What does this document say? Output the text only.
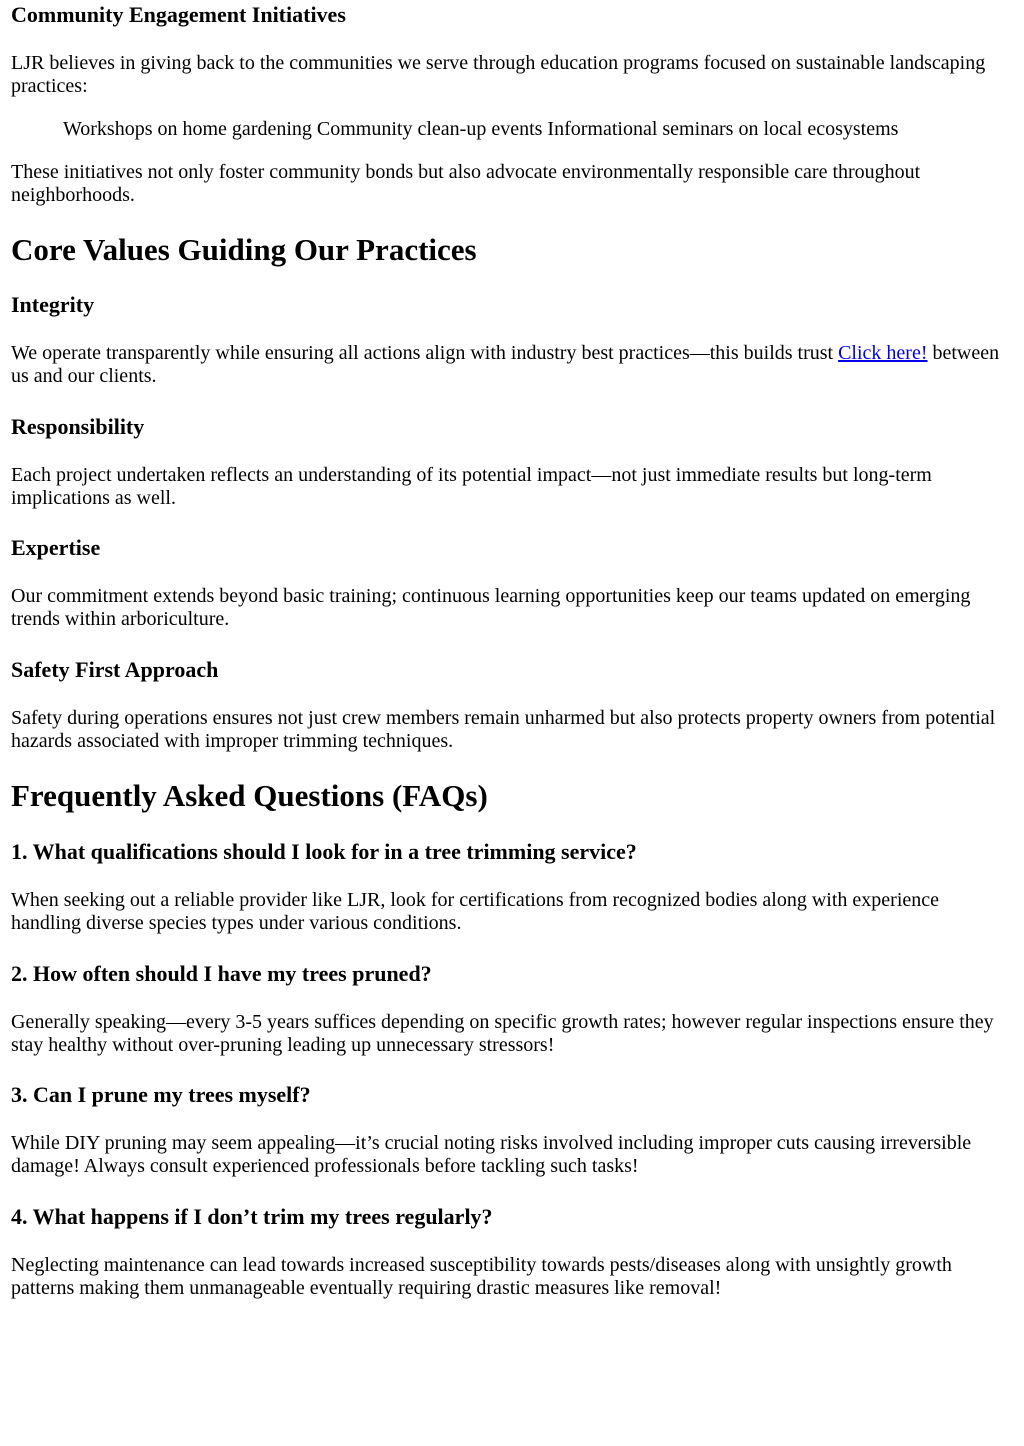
Community Engagement Initiatives

LJR believes in giving back to the communities we serve through education programs focused on sustainable landscaping practices:

Workshops on home gardening Community clean-up events Informational seminars on local ecosystems

These initiatives not only foster community bonds but also advocate environmentally responsible care throughout neighborhoods.

Core Values Guiding Our Practices
Integrity

We operate transparently while ensuring all actions align with industry best practices—this builds trust Click here! between us and our clients.

Responsibility

Each project undertaken reflects an understanding of its potential impact—not just immediate results but long-term implications as well.

Expertise

Our commitment extends beyond basic training; continuous learning opportunities keep our teams updated on emerging trends within arboriculture.

Safety First Approach

Safety during operations ensures not just crew members remain unharmed but also protects property owners from potential hazards associated with improper trimming techniques.

Frequently Asked Questions (FAQs)
1. What qualifications should I look for in a tree trimming service?

When seeking out a reliable provider like LJR, look for certifications from recognized bodies along with experience handling diverse species types under various conditions.

2. How often should I have my trees pruned?

Generally speaking—every 3-5 years suffices depending on specific growth rates; however regular inspections ensure they stay healthy without over-pruning leading up unnecessary stressors!

3. Can I prune my trees myself?

While DIY pruning may seem appealing—it’s crucial noting risks involved including improper cuts causing irreversible damage! Always consult experienced professionals before tackling such tasks!

4. What happens if I don’t trim my trees regularly?

Neglecting maintenance can lead towards increased susceptibility towards pests/diseases along with unsightly growth patterns making them unmanageable eventually requiring drastic measures like removal!
